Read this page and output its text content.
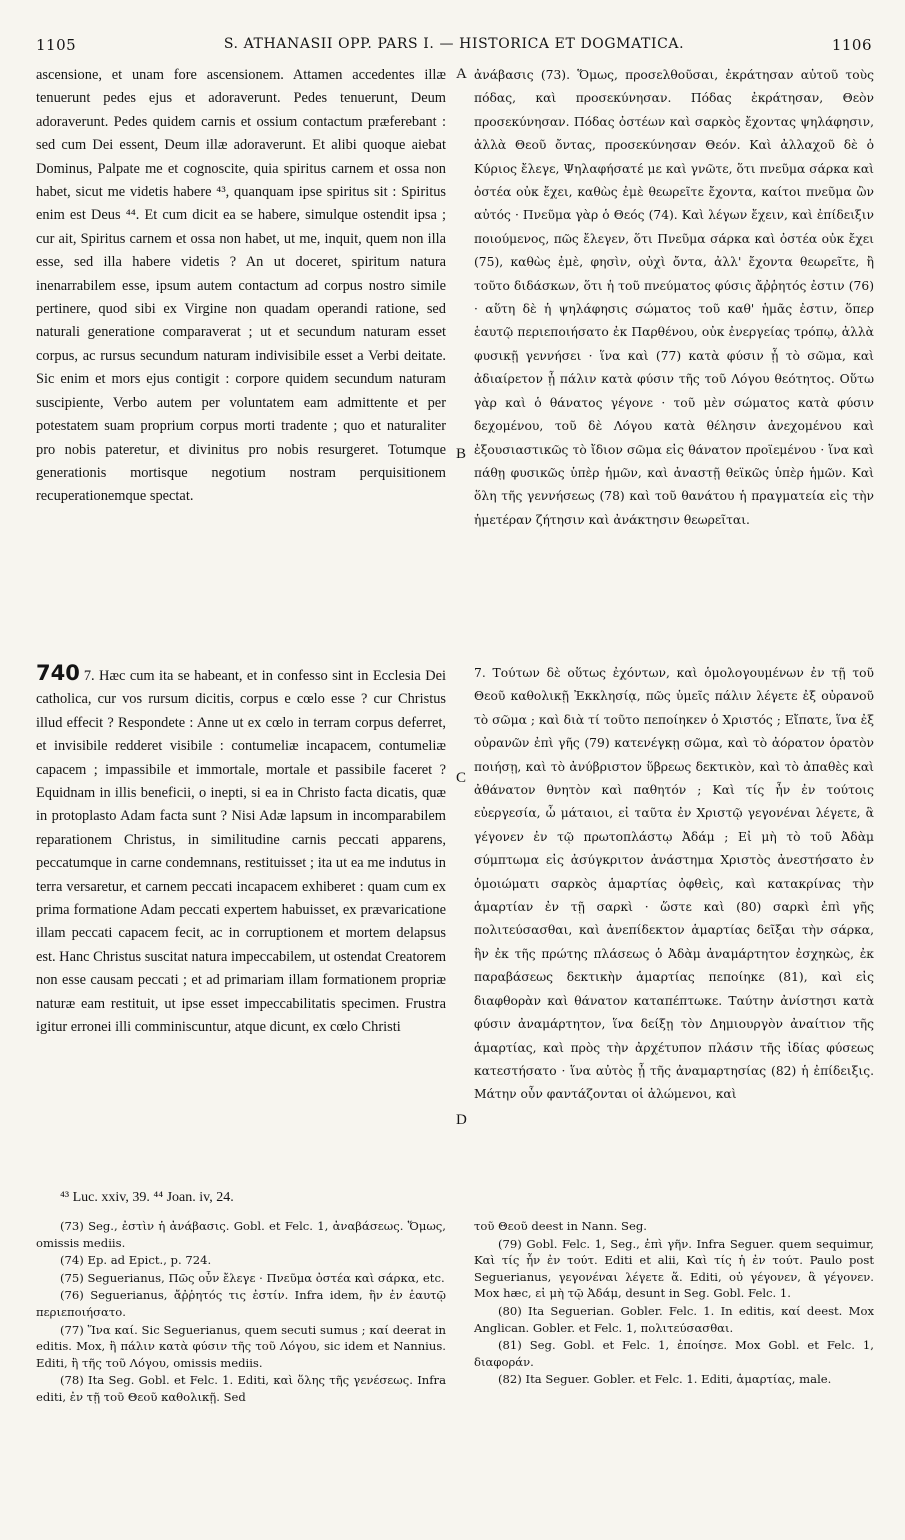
1105	S. ATHANASII OPP. PARS I. — HISTORICA ET DOGMATICA.	1106

ascensione, et unam fore ascensionem. Attamen accedentes illæ tenuerunt pedes ejus et adoraverunt. Pedes tenuerunt, Deum adoraverunt. Pedes quidem carnis et ossium contactum præferebant : sed cum Dei essent, Deum illæ adoraverunt. Et alibi quoque aiebat Dominus, Palpate me et cognoscite, quia spiritus carnem et ossa non habet, sicut me videtis habere ⁴³, quanquam ipse spiritus sit : Spiritus enim est Deus ⁴⁴. Et cum dicit ea se habere, simulque ostendit ipsa ; cur ait, Spiritus carnem et ossa non habet, ut me, inquit, quem non illa esse, sed illa habere videtis ? An ut doceret, spiritum natura inenarrabilem esse, ipsum autem contactum ad corpus nostro simile pertinere, quod sibi ex Virgine non quadam operandi ratione, sed naturali generatione comparaverat ; ut et secundum naturam esset corpus, ac rursus secundum naturam indivisibile esset a Verbi deitate. Sic enim et mors ejus contigit : corpore quidem secundum naturam suscipiente, Verbo autem per voluntatem eam admittente et per potestatem suam proprium corpus morti tradente ; quo et naturaliter pro nobis pateretur, et divinitus pro nobis resurgeret. Totumque generationis mortisque negotium nostram perquisitionem recuperationemque spectat.

ἀνάβασις (73). Ὅμως, προσελθοῦσαι, ἐκράτησαν αὐτοῦ τοὺς πόδας, καὶ προσεκύνησαν. Πόδας ἐκράτησαν, Θεὸν προσεκύνησαν. Πόδας ὀστέων καὶ σαρκὸς ἔχοντας ψηλάφησιν, ἀλλὰ Θεοῦ ὄντας, προσεκύνησαν Θεόν. Καὶ ἀλλαχοῦ δὲ ὁ Κύριος ἔλεγε, Ψηλαφήσατέ με καὶ γνῶτε, ὅτι πνεῦμα σάρκα καὶ ὀστέα οὐκ ἔχει, καθὼς ἐμὲ θεωρεῖτε ἔχοντα, καίτοι πνεῦμα ὢν αὐτός · Πνεῦμα γὰρ ὁ Θεός (74). Καὶ λέγων ἔχειν, καὶ ἐπίδειξιν ποιούμενος, πῶς ἔλεγεν, ὅτι Πνεῦμα σάρκα καὶ ὀστέα οὐκ ἔχει (75), καθὼς ἐμὲ, φησὶν, οὐχὶ ὄντα, ἀλλ' ἔχοντα θεωρεῖτε, ἢ τοῦτο διδάσκων, ὅτι ἡ τοῦ πνεύματος φύσις ἄῤῥητός ἐστιν (76) · αὕτη δὲ ἡ ψηλάφησις σώματος τοῦ καθ' ἡμᾶς ἐστιν, ὅπερ ἑαυτῷ περιεποιήσατο ἐκ Παρθένου, οὐκ ἐνεργείας τρόπῳ, ἀλλὰ φυσικῇ γεννήσει · ἵνα καὶ (77) κατὰ φύσιν ᾖ τὸ σῶμα, καὶ ἀδιαίρετον ᾖ πάλιν κατὰ φύσιν τῆς τοῦ Λόγου θεότητος. Οὕτω γὰρ καὶ ὁ θάνατος γέγονε · τοῦ μὲν σώματος κατὰ φύσιν δεχομένου, τοῦ δὲ Λόγου κατὰ θέλησιν ἀνεχομένου καὶ ἐξουσιαστικῶς τὸ ἴδιον σῶμα εἰς θάνατον προϊεμένου · ἵνα καὶ πάθῃ φυσικῶς ὑπὲρ ἡμῶν, καὶ ἀναστῇ θεϊκῶς ὑπὲρ ἡμῶν. Καὶ ὅλη τῆς γεννήσεως (78) καὶ τοῦ θανάτου ἡ πραγματεία εἰς τὴν ἡμετέραν ζήτησιν καὶ ἀνάκτησιν θεωρεῖται.

A
B
C
D

740 7. Hæc cum ita se habeant, et in confesso sint in Ecclesia Dei catholica, cur vos rursum dicitis, corpus e cœlo esse ? cur Christus illud effecit ? Respondete : Anne ut ex cœlo in terram corpus deferret, et invisibile redderet visibile : contumeliæ incapacem, contumeliæ capacem ; impassibile et immortale, mortale et passibile faceret ? Equidnam in illis beneficii, o inepti, si ea in Christo facta dicatis, quæ in protoplasto Adam facta sunt ? Nisi Adæ lapsum in incomparabilem reparationem Christus, in similitudine carnis peccati apparens, peccatumque in carne condemnans, restituisset ; ita ut ea me indutus in terra versaretur, et carnem peccati incapacem exhiberet : quam cum ex prima formatione Adam peccati expertem habuisset, ex prævaricatione illam peccati capacem fecit, ac in corruptionem et mortem delapsus est. Hanc Christus suscitat natura impeccabilem, ut ostendat Creatorem non esse causam peccati ; et ad primariam illam formationem propriæ naturæ eam restituit, ut ipse esset impeccabilitatis specimen. Frustra igitur erronei illi comminiscuntur, atque dicunt, ex cœlo Christi

7. Τούτων δὲ οὕτως ἐχόντων, καὶ ὁμολογουμένων ἐν τῇ τοῦ Θεοῦ καθολικῇ Ἐκκλησίᾳ, πῶς ὑμεῖς πάλιν λέγετε ἐξ οὐρανοῦ τὸ σῶμα ; καὶ διὰ τί τοῦτο πεποίηκεν ὁ Χριστός ; Εἴπατε, ἵνα ἐξ οὐρανῶν ἐπὶ γῆς (79) κατενέγκῃ σῶμα, καὶ τὸ ἀόρατον ὁρατὸν ποιήσῃ, καὶ τὸ ἀνύβριστον ὕβρεως δεκτικὸν, καὶ τὸ ἀπαθὲς καὶ ἀθάνατον θνητὸν καὶ παθητόν ; Καὶ τίς ἦν ἐν τούτοις εὐεργεσία, ὦ μάταιοι, εἰ ταῦτα ἐν Χριστῷ γεγονέναι λέγετε, ἃ γέγονεν ἐν τῷ πρωτοπλάστῳ Ἀδάμ ; Εἰ μὴ τὸ τοῦ Ἀδὰμ σύμπτωμα εἰς ἀσύγκριτον ἀνάστημα Χριστὸς ἀνεστήσατο ἐν ὁμοιώματι σαρκὸς ἁμαρτίας ὀφθεὶς, καὶ κατακρίνας τὴν ἁμαρτίαν ἐν τῇ σαρκὶ · ὥστε καὶ (80) σαρκὶ ἐπὶ γῆς πολιτεύσασθαι, καὶ ἀνεπίδεκτον ἁμαρτίας δεῖξαι τὴν σάρκα, ἣν ἐκ τῆς πρώτης πλάσεως ὁ Ἀδὰμ ἀναμάρτητον ἐσχηκὼς, ἐκ παραβάσεως δεκτικὴν ἁμαρτίας πεποίηκε (81), καὶ εἰς διαφθορὰν καὶ θάνατον καταπέπτωκε. Ταύτην ἀνίστησι κατὰ φύσιν ἀναμάρτητον, ἵνα δείξῃ τὸν Δημιουργὸν ἀναίτιον τῆς ἁμαρτίας, καὶ πρὸς τὴν ἀρχέτυπον πλάσιν τῆς ἰδίας φύσεως κατεστήσατο · ἵνα αὐτὸς ᾖ τῆς ἀναμαρτησίας (82) ἡ ἐπίδειξις. Μάτην οὖν φαντάζονται οἱ ἀλώμενοι, καὶ

⁴³ Luc. xxiv, 39. ⁴⁴ Joan. iv, 24.

(73) Seg., ἐστὶν ἡ ἀνάβασις. Gobl. et Felc. 1, ἀναβάσεως. Ὅμως, omissis mediis.

(74) Ep. ad Epict., p. 724.

(75) Seguerianus, Πῶς οὖν ἔλεγε · Πνεῦμα ὀστέα καὶ σάρκα, etc.

(76) Seguerianus, ἄῤῥητός τις ἐστίν. Infra idem, ἣν ἐν ἑαυτῷ περιεποιήσατο.

(77) Ἵνα καί. Sic Seguerianus, quem secuti sumus ; καί deerat in editis. Mox, ἢ πάλιν κατὰ φύσιν τῆς τοῦ Λόγου, sic idem et Nannius. Editi, ἢ τῆς τοῦ Λόγου, omissis mediis.

(78) Ita Seg. Gobl. et Felc. 1. Editi, καὶ ὅλης τῆς γενέσεως. Infra editi, ἐν τῇ τοῦ Θεοῦ καθολικῇ. Sed

τοῦ Θεοῦ deest in Nann. Seg.

(79) Gobl. Felc. 1, Seg., ἐπὶ γῆν. Infra Seguer. quem sequimur, Καὶ τίς ἦν ἐν τούτ. Editi et alii, Καὶ τίς ἡ ἐν τούτ. Paulo post Seguerianus, γεγονέναι λέγετε ἅ. Editi, οὐ γέγονεν, ἃ γέγονεν. Mox hæc, εἰ μὴ τῷ Ἀδάμ, desunt in Seg. Gobl. Felc. 1.

(80) Ita Seguerian. Gobler. Felc. 1. In editis, καί deest. Mox Anglican. Gobler. et Felc. 1, πολιτεύσασθαι.

(81) Seg. Gobl. et Felc. 1, ἐποίησε. Mox Gobl. et Felc. 1, διαφοράν.

(82) Ita Seguer. Gobler. et Felc. 1. Editi, ἁμαρτίας, male.
